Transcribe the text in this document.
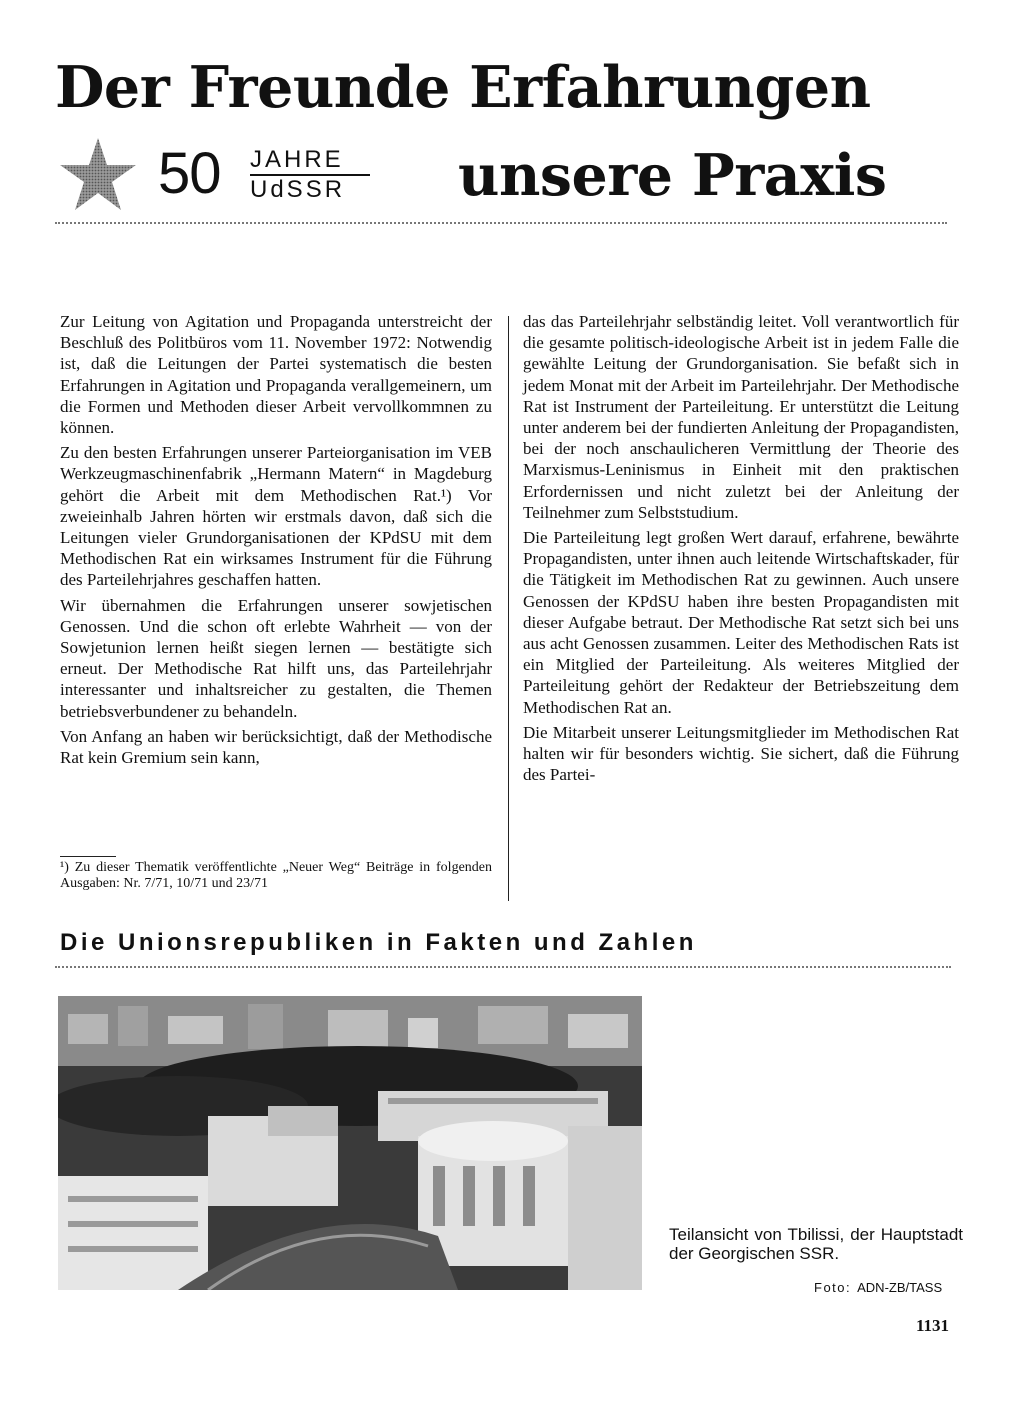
Der Freunde Erfahrungen
50 JAHRE
UdSSR	unsere Praxis

Zur Leitung von Agitation und Propaganda unterstreicht der Beschluß des Politbüros vom 11. November 1972: Notwendig ist, daß die Leitungen der Partei systematisch die besten Erfahrungen in Agitation und Propaganda verallgemeinern, um die Formen und Methoden dieser Arbeit vervollkommnen zu können.

Zu den besten Erfahrungen unserer Parteiorganisation im VEB Werkzeugmaschinenfabrik „Hermann Matern“ in Magdeburg gehört die Arbeit mit dem Methodischen Rat.¹) Vor zweieinhalb Jahren hörten wir erstmals davon, daß sich die Leitungen vieler Grundorganisationen der KPdSU mit dem Methodischen Rat ein wirksames Instrument für die Führung des Parteilehrjahres geschaffen hatten.

Wir übernahmen die Erfahrungen unserer sowjetischen Genossen. Und die schon oft erlebte Wahrheit — von der Sowjetunion lernen heißt siegen lernen — bestätigte sich erneut. Der Methodische Rat hilft uns, das Parteilehrjahr interessanter und inhaltsreicher zu gestalten, die Themen betriebsverbundener zu behandeln.

Von Anfang an haben wir berücksichtigt, daß der Methodische Rat kein Gremium sein kann,

das das Parteilehrjahr selbständig leitet. Voll verantwortlich für die gesamte politisch-ideologische Arbeit ist in jedem Falle die gewählte Leitung der Grundorganisation. Sie befaßt sich in jedem Monat mit der Arbeit im Parteilehrjahr. Der Methodische Rat ist Instrument der Parteileitung. Er unterstützt die Leitung unter anderem bei der fundierten Anleitung der Propagandisten, bei der noch anschaulicheren Vermittlung der Theorie des Marxismus-Leninismus in Einheit mit den praktischen Erfordernissen und nicht zuletzt bei der Anleitung der Teilnehmer zum Selbststudium.

Die Parteileitung legt großen Wert darauf, erfahrene, bewährte Propagandisten, unter ihnen auch leitende Wirtschaftskader, für die Tätigkeit im Methodischen Rat zu gewinnen. Auch unsere Genossen der KPdSU haben ihre besten Propagandisten mit dieser Aufgabe betraut. Der Methodische Rat setzt sich bei uns aus acht Genossen zusammen. Leiter des Methodischen Rats ist ein Mitglied der Parteileitung. Als weiteres Mitglied der Parteileitung gehört der Redakteur der Betriebszeitung dem Methodischen Rat an.

Die Mitarbeit unserer Leitungsmitglieder im Methodischen Rat halten wir für besonders wichtig. Sie sichert, daß die Führung des Partei-

¹) Zu dieser Thematik veröffentlichte „Neuer Weg“ Beiträge in folgenden Ausgaben: Nr. 7/71, 10/71 und 23/71
Die Unionsrepubliken in Fakten und Zahlen
Teilansicht von Tbilissi, der Hauptstadt der Georgischen SSR.
Foto: ADN-ZB/TASS
1131
